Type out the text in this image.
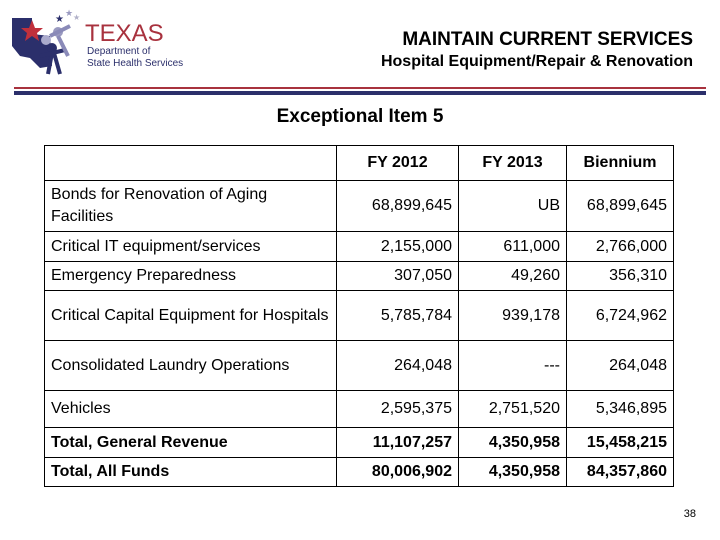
★
★ ★
TEXAS
Department of
State Health Services
MAINTAIN CURRENT SERVICES
Hospital Equipment/Repair & Renovation
Exceptional Item 5
	FY 2012	FY 2013	Biennium
Bonds for Renovation of Aging Facilities	68,899,645	UB	68,899,645
Critical IT equipment/services	2,155,000	611,000	2,766,000
Emergency Preparedness	307,050	49,260	356,310
Critical Capital Equipment for Hospitals	5,785,784	939,178	6,724,962
Consolidated Laundry Operations	264,048	---	264,048
Vehicles	2,595,375	2,751,520	5,346,895
Total, General Revenue	11,107,257	4,350,958	15,458,215
Total, All Funds	80,006,902	4,350,958	84,357,860
38
